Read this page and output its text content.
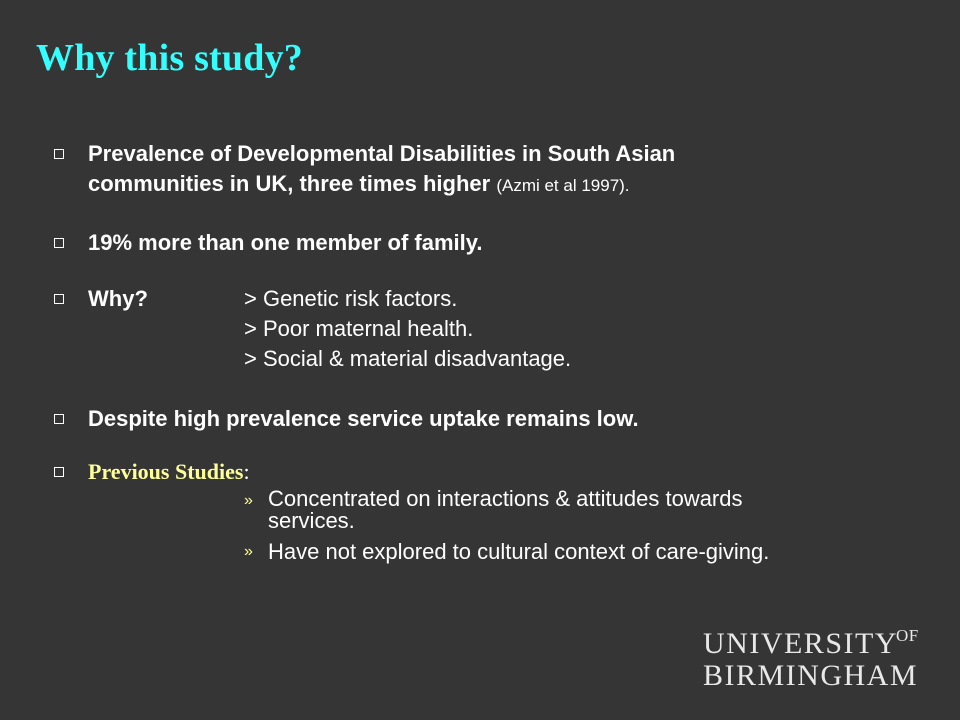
Why this study?
Prevalence of Developmental Disabilities in South Asian
communities in UK, three times higher (Azmi et al 1997).
19% more than one member of family.
Why?	> Genetic risk factors.
> Poor maternal health.
> Social & material disadvantage.
Despite high prevalence service uptake remains low.
Previous Studies:
» Concentrated on interactions & attitudes towards
services.
» Have not explored to cultural context of care-giving.
$UNIVERSITY^{OF}$
BIRMINGHAM
